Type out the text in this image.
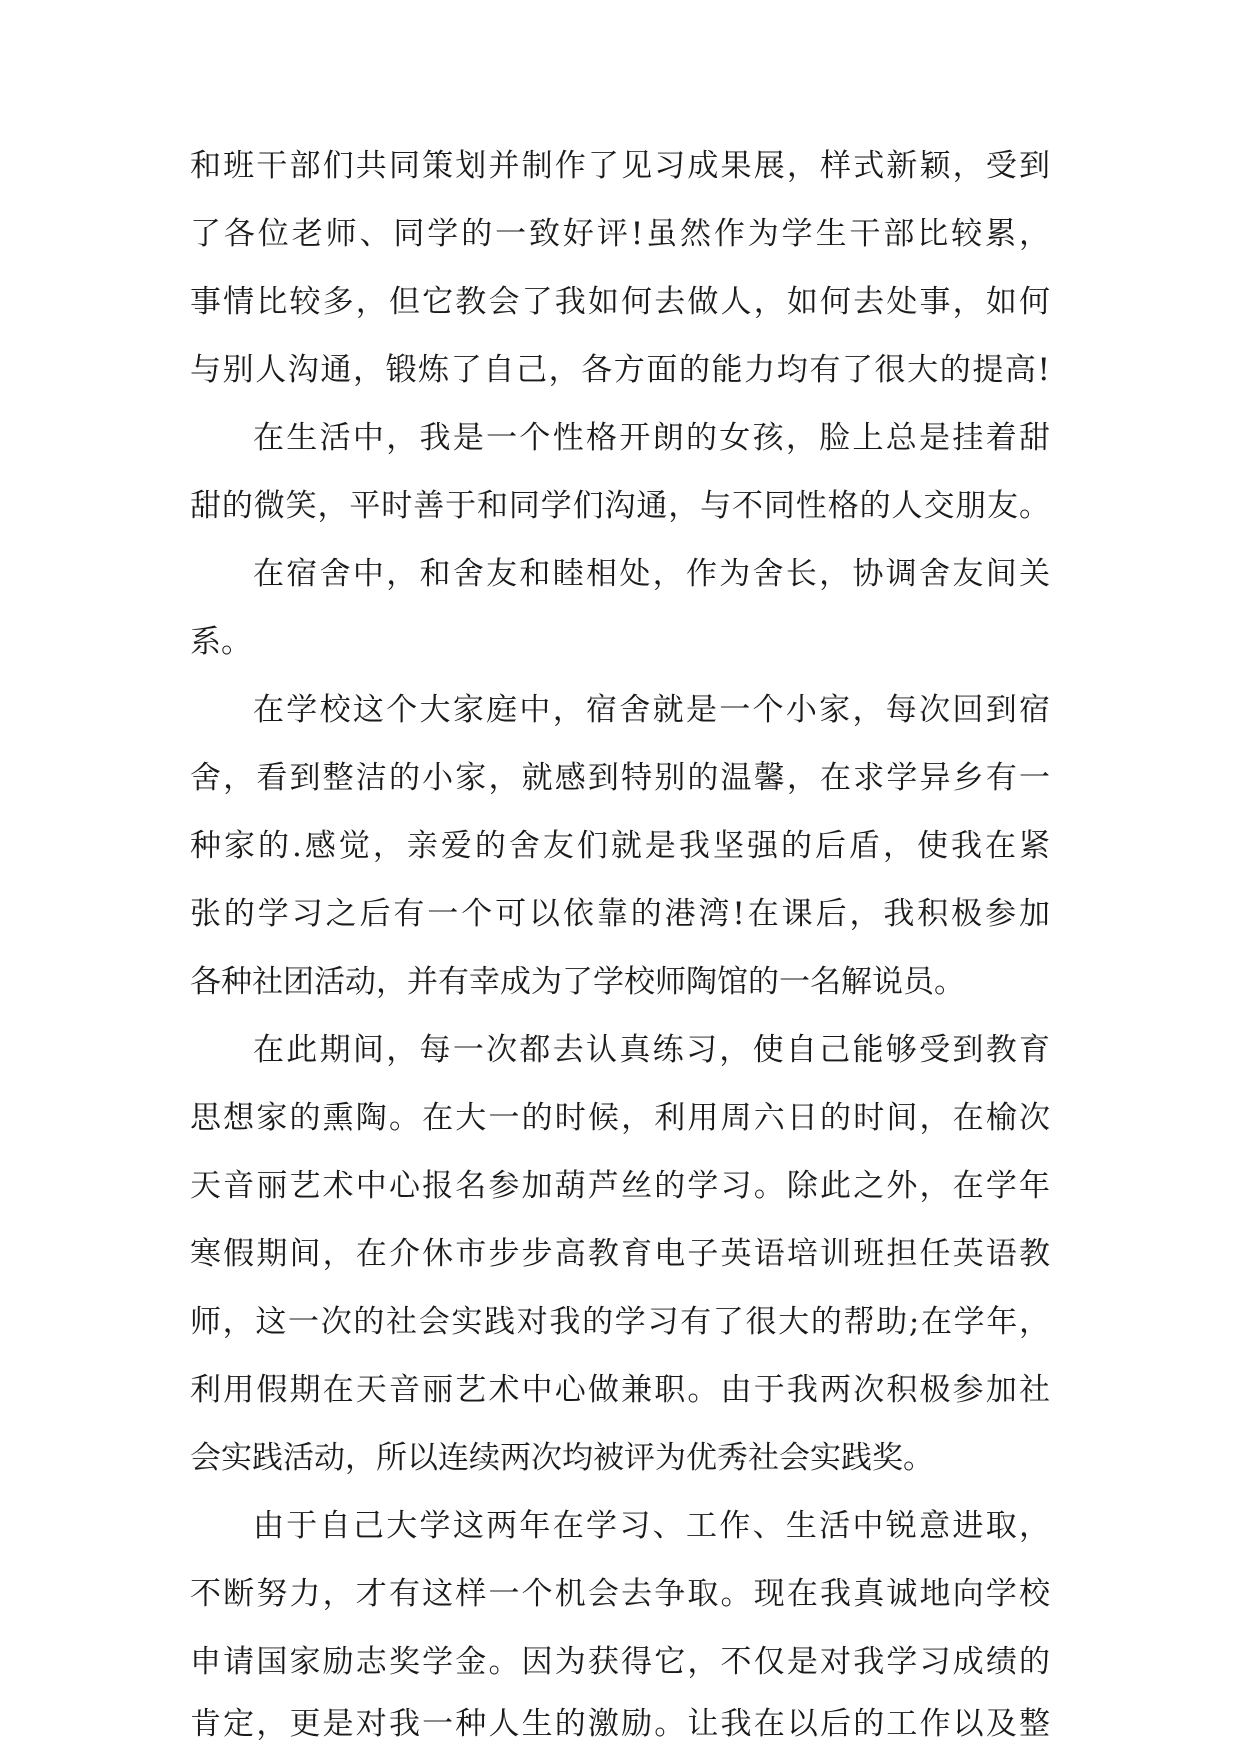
和班干部们共同策划并制作了见习成果展，样式新颖，受到
了各位老师、同学的一致好评!虽然作为学生干部比较累，
事情比较多，但它教会了我如何去做人，如何去处事，如何
与别人沟通，锻炼了自己，各方面的能力均有了很大的提高!
在生活中，我是一个性格开朗的女孩，脸上总是挂着甜
甜的微笑，平时善于和同学们沟通，与不同性格的人交朋友。
在宿舍中，和舍友和睦相处，作为舍长，协调舍友间关
系。
在学校这个大家庭中，宿舍就是一个小家，每次回到宿
舍，看到整洁的小家，就感到特别的温馨，在求学异乡有一
种家的.感觉，亲爱的舍友们就是我坚强的后盾，使我在紧
张的学习之后有一个可以依靠的港湾!在课后，我积极参加
各种社团活动，并有幸成为了学校师陶馆的一名解说员。
在此期间，每一次都去认真练习，使自己能够受到教育
思想家的熏陶。在大一的时候，利用周六日的时间，在榆次
天音丽艺术中心报名参加葫芦丝的学习。除此之外，在学年
寒假期间，在介休市步步高教育电子英语培训班担任英语教
师，这一次的社会实践对我的学习有了很大的帮助;在学年，
利用假期在天音丽艺术中心做兼职。由于我两次积极参加社
会实践活动，所以连续两次均被评为优秀社会实践奖。
由于自己大学这两年在学习、工作、生活中锐意进取，
不断努力，才有这样一个机会去争取。现在我真诚地向学校
申请国家励志奖学金。因为获得它，不仅是对我学习成绩的
肯定，更是对我一种人生的激励。让我在以后的工作以及整
